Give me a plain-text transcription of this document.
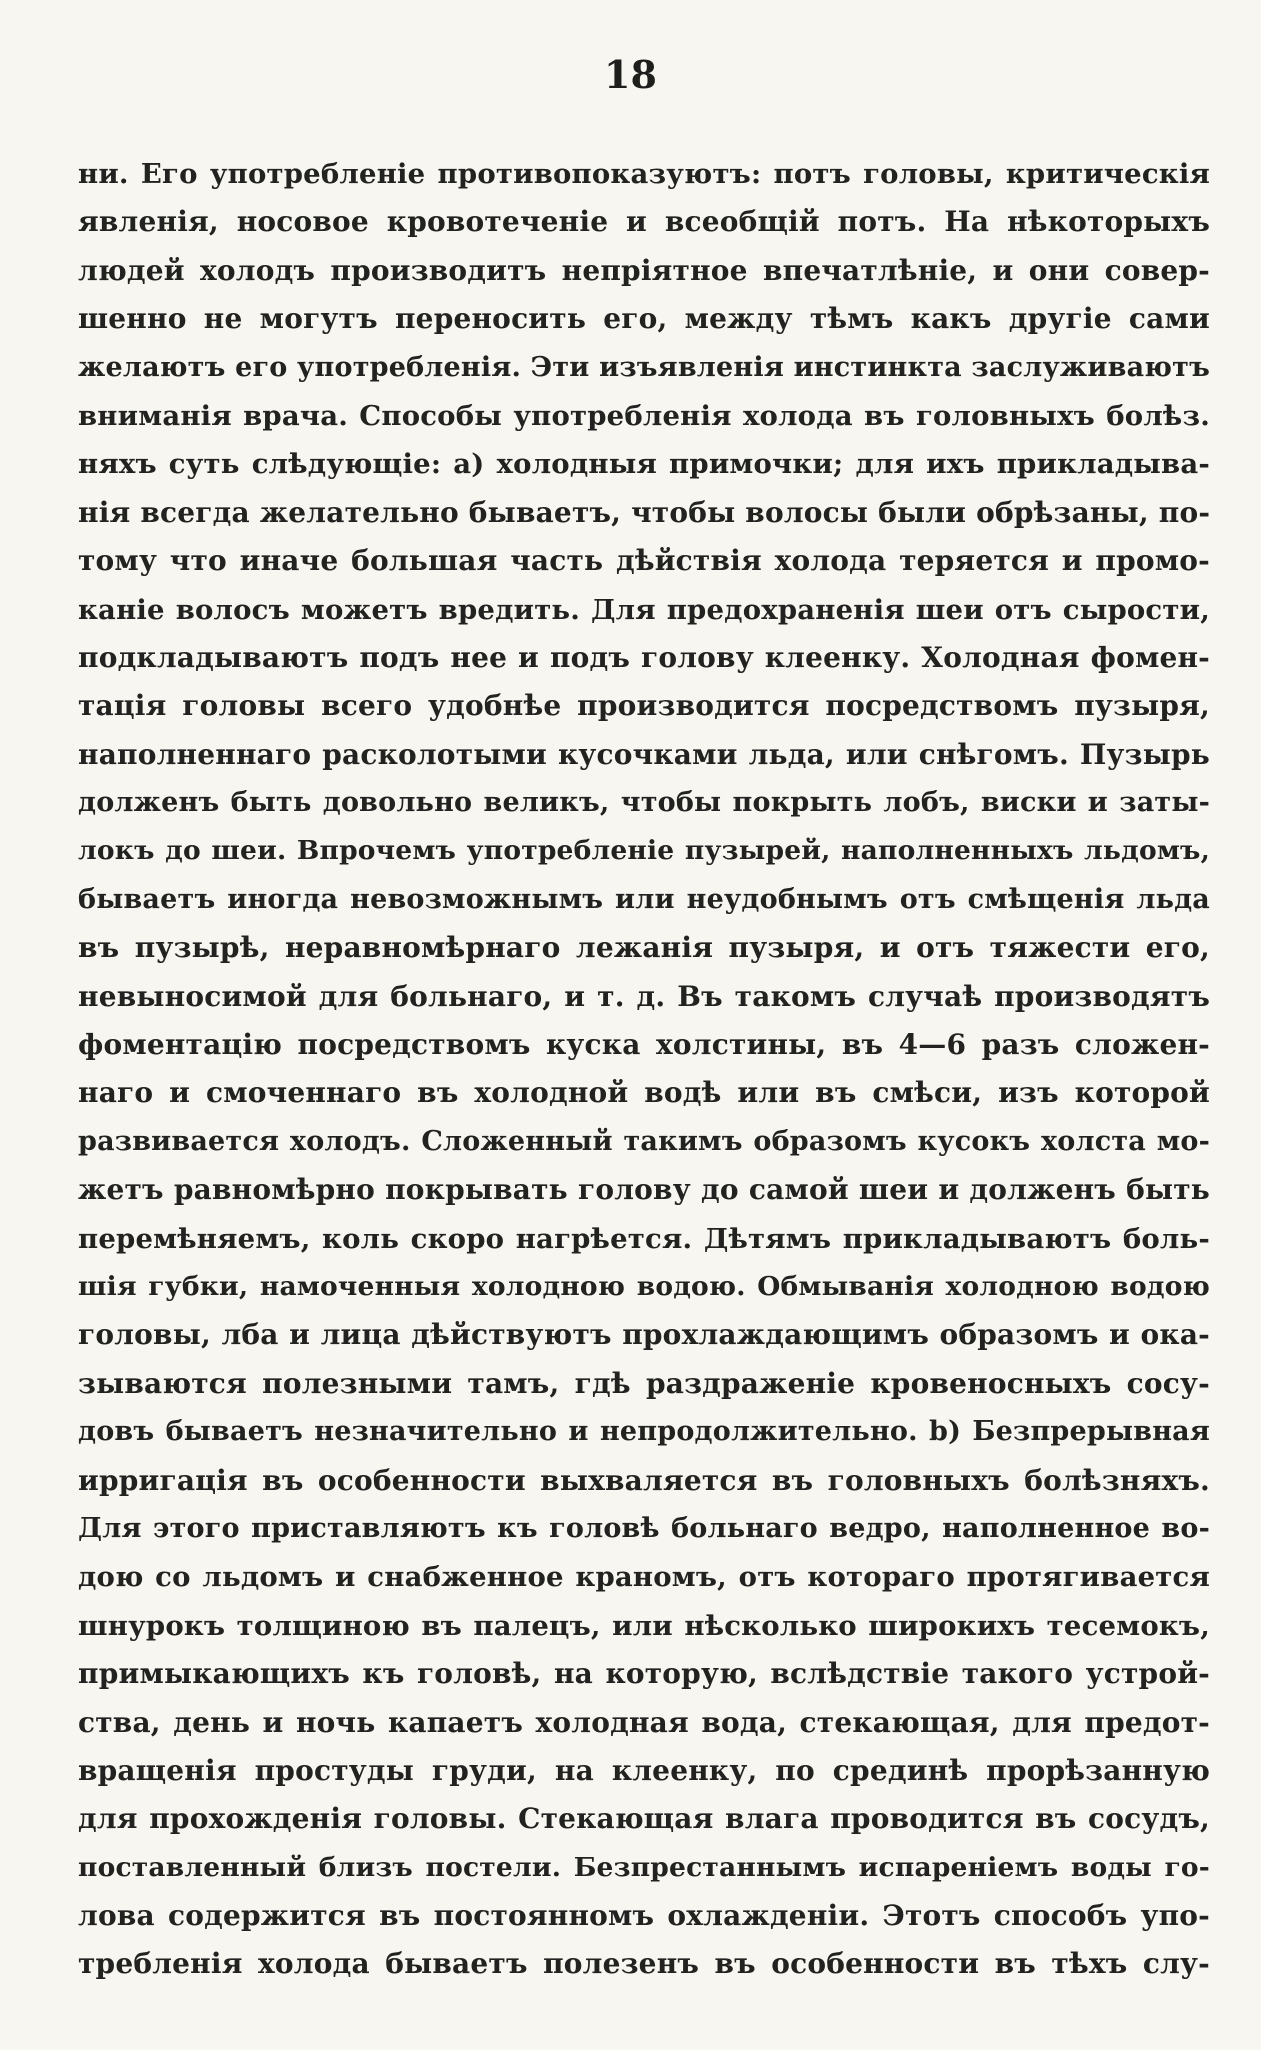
18
ни. Его употребленіе противопоказуютъ: потъ головы, критическія
явленія, носовое кровотеченіе и всеобщій потъ. На нѣкоторыхъ
людей холодъ производитъ непріятное впечатлѣніе, и они совер-
шенно не могутъ переносить его, между тѣмъ какъ другіе сами
желаютъ его употребленія. Эти изъявленія инстинкта заслуживаютъ
вниманія врача. Способы употребленія холода въ головныхъ болѣз.
няхъ суть слѣдующіе: а) холодныя примочки; для ихъ прикладыва-
нія всегда желательно бываетъ, чтобы волосы были обрѣзаны, по-
тому что иначе большая часть дѣйствія холода теряется и промо-
каніе волосъ можетъ вредить. Для предохраненія шеи отъ сырости,
подкладываютъ подъ нее и подъ голову клеенку. Холодная фомен-
тація головы всего удобнѣе производится посредствомъ пузыря,
наполненнаго расколотыми кусочками льда, или снѣгомъ. Пузырь
долженъ быть довольно великъ, чтобы покрыть лобъ, виски и заты-
локъ до шеи. Впрочемъ употребленіе пузырей, наполненныхъ льдомъ,
бываетъ иногда невозможнымъ или неудобнымъ отъ смѣщенія льда
въ пузырѣ, неравномѣрнаго лежанія пузыря, и отъ тяжести его,
невыносимой для больнаго, и т. д. Въ такомъ случаѣ производятъ
фоментацію посредствомъ куска холстины, въ 4—6 разъ сложен-
наго и смоченнаго въ холодной водѣ или въ смѣси, изъ которой
развивается холодъ. Сложенный такимъ образомъ кусокъ холста мо-
жетъ равномѣрно покрывать голову до самой шеи и долженъ быть
перемѣняемъ, коль скоро нагрѣется. Дѣтямъ прикладываютъ боль-
шія губки, намоченныя холодною водою. Обмыванія холодною водою
головы, лба и лица дѣйствуютъ прохлаждающимъ образомъ и ока-
зываются полезными тамъ, гдѣ раздраженіе кровеносныхъ сосу-
довъ бываетъ незначительно и непродолжительно. b) Безпрерывная
ирригація въ особенности выхваляется въ головныхъ болѣзняхъ.
Для этого приставляютъ къ головѣ больнаго ведро, наполненное во-
дою со льдомъ и снабженное краномъ, отъ котораго протягивается
шнурокъ толщиною въ палецъ, или нѣсколько широкихъ тесемокъ,
примыкающихъ къ головѣ, на которую, вслѣдствіе такого устрой-
ства, день и ночь капаетъ холодная вода, стекающая, для предот-
вращенія простуды груди, на клеенку, по срединѣ прорѣзанную
для прохожденія головы. Стекающая влага проводится въ сосудъ,
поставленный близъ постели. Безпрестаннымъ испареніемъ воды го-
лова содержится въ постоянномъ охлажденіи. Этотъ способъ упо-
требленія холода бываетъ полезенъ въ особенности въ тѣхъ слу-
